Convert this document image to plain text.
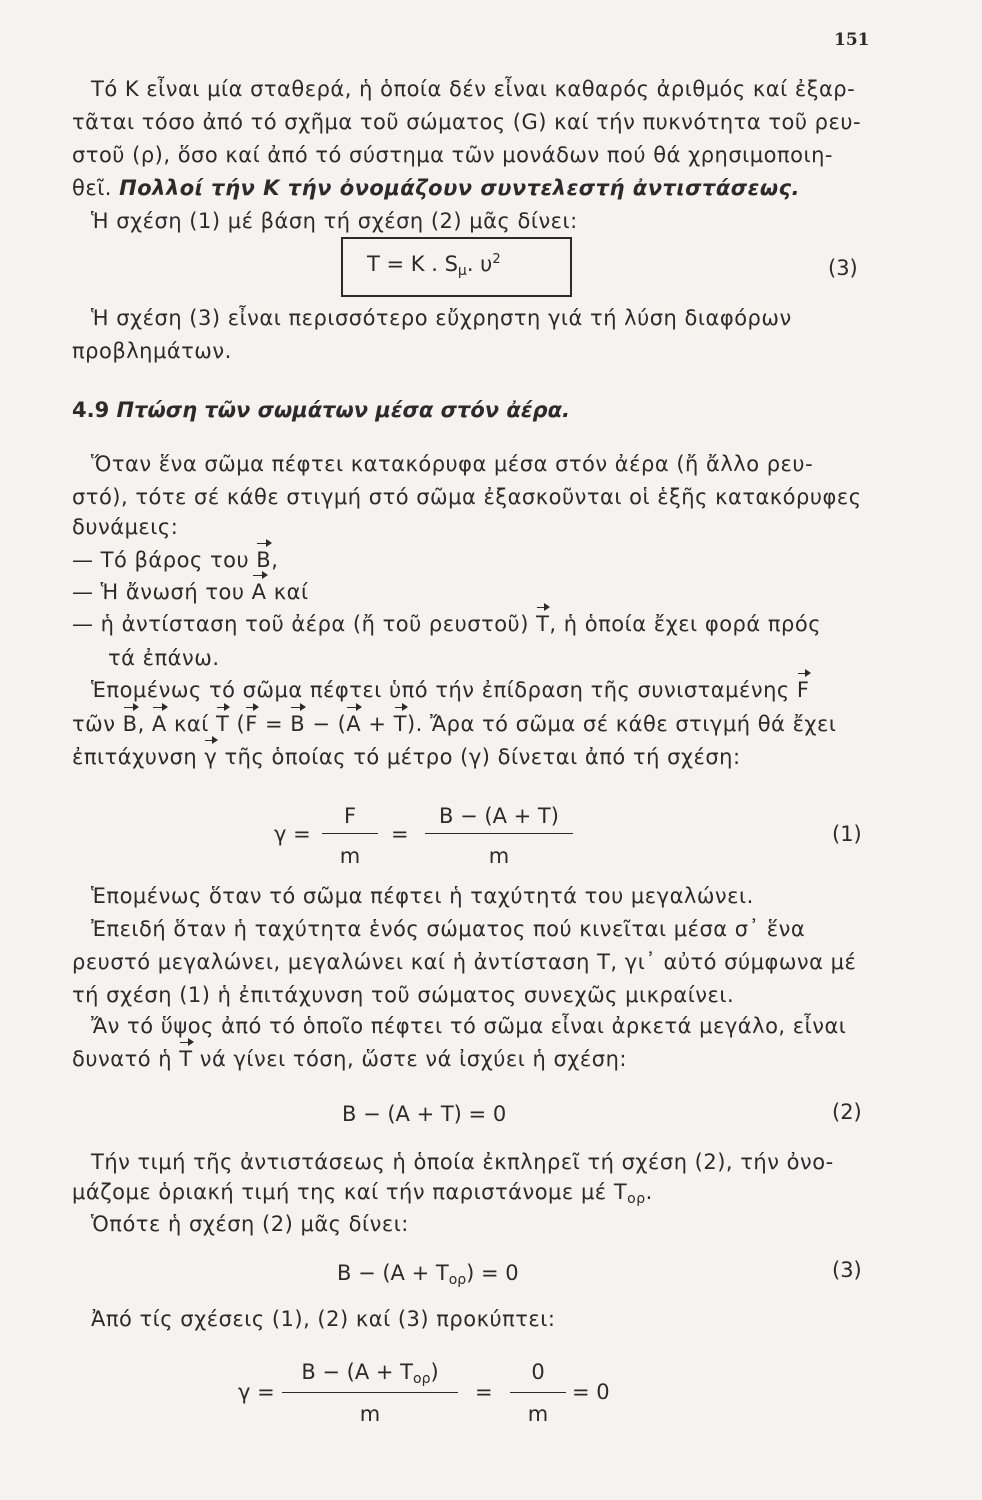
151
Τό K εἶναι μία σταθερά, ἡ ὁποία δέν εἶναι καθαρός ἀριθμός καί ἐξαρ-
τᾶται τόσο ἀπό τό σχῆμα τοῦ σώματος (G) καί τήν πυκνότητα τοῦ ρευ-
στοῦ (ρ), ὅσο καί ἀπό τό σύστημα τῶν μονάδων πού θά χρησιμοποιη-
θεῖ. Πολλοί τήν K τήν ὀνομάζουν συντελεστή ἀντιστάσεως.
Ἡ σχέση (1) μέ βάση τή σχέση (2) μᾶς δίνει:
T = K . $S_\mu$. $\upsilon^2$	(3)
Ἡ σχέση (3) εἶναι περισσότερο εὔχρηστη γιά τή λύση διαφόρων
προβλημάτων.
4.9 Πτώση τῶν σωμάτων μέσα στόν ἀέρα.
Ὅταν ἕνα σῶμα πέφτει κατακόρυφα μέσα στόν ἀέρα (ἤ ἄλλο ρευ-
στό), τότε σέ κάθε στιγμή στό σῶμα ἐξασκοῦνται οἱ ἑξῆς κατακόρυφες
δυνάμεις:
— Τό βάρος του B,
— Ἡ ἄνωσή του A καί
— ἡ ἀντίσταση τοῦ ἀέρα (ἤ τοῦ ρευστοῦ) T, ἡ ὁποία ἔχει φορά πρός
τά ἐπάνω.
Ἑπομένως τό σῶμα πέφτει ὑπό τήν ἐπίδραση τῆς συνισταμένης F
τῶν B, A καί T (F = B − (A + T). Ἄρα τό σῶμα σέ κάθε στιγμή θά ἔχει
ἐπιτάχυνση γ τῆς ὁποίας τό μέτρο (γ) δίνεται ἀπό τή σχέση:
γ =
F
m
=
B − (A + T)
m
(1)
Ἑπομένως ὅταν τό σῶμα πέφτει ἡ ταχύτητά του μεγαλώνει.
Ἐπειδή ὅταν ἡ ταχύτητα ἑνός σώματος πού κινεῖται μέσα σ᾽ ἕνα
ρευστό μεγαλώνει, μεγαλώνει καί ἡ ἀντίσταση T, γι᾽ αὐτό σύμφωνα μέ
τή σχέση (1) ἡ ἐπιτάχυνση τοῦ σώματος συνεχῶς μικραίνει.
Ἄν τό ὕψος ἀπό τό ὁποῖο πέφτει τό σῶμα εἶναι ἀρκετά μεγάλο, εἶναι
δυνατό ἡ T νά γίνει τόση, ὥστε νά ἰσχύει ἡ σχέση:
B − (A + T) = 0	(2)
Τήν τιμή τῆς ἀντιστάσεως ἡ ὁποία ἐκπληρεῖ τή σχέση (2), τήν ὀνο-
μάζομε ὁριακή τιμή της καί τήν παριστάνομε μέ $T_{o\rho}$.
Ὁπότε ἡ σχέση (2) μᾶς δίνει:
$B - (A + T_{o\rho}) = 0$	(3)
Ἀπό τίς σχέσεις (1), (2) καί (3) προκύπτει:
γ =
$B - (A + T_{o\rho})$
m
=
0
m
= 0
